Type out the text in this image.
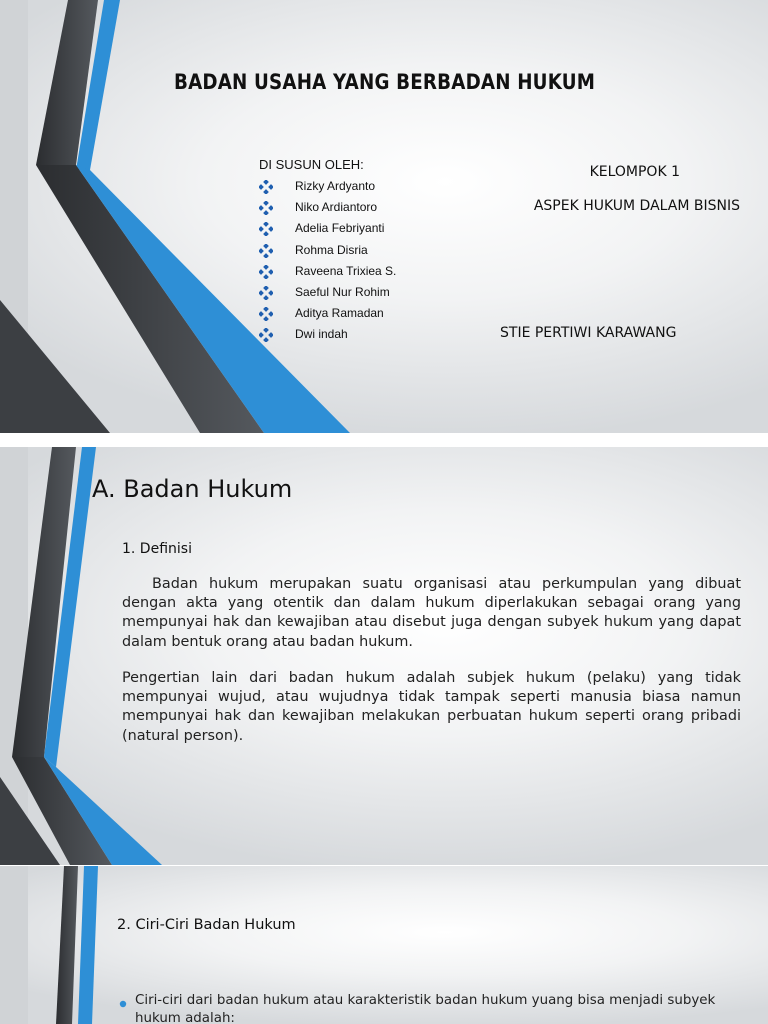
BADAN USAHA YANG BERBADAN HUKUM
DI SUSUN OLEH:
Rizky Ardyanto
Niko Ardiantoro
Adelia Febriyanti
Rohma Disria
Raveena Trixiea S.
Saeful Nur Rohim
Aditya Ramadan
Dwi indah
KELOMPOK 1
ASPEK HUKUM DALAM BISNIS
STIE PERTIWI KARAWANG
A. Badan Hukum
1. Definisi

Badan hukum merupakan suatu organisasi atau perkumpulan yang dibuat dengan akta yang otentik dan dalam hukum diperlakukan sebagai orang yang mempunyai hak dan kewajiban atau disebut juga dengan subyek hukum yang dapat dalam bentuk orang atau badan hukum.

Pengertian lain dari badan hukum adalah subjek hukum (pelaku) yang tidak mempunyai wujud, atau wujudnya tidak tampak seperti manusia biasa namun mempunyai hak dan kewajiban melakukan perbuatan hukum seperti orang pribadi (natural person).

2. Ciri-Ciri Badan Hukum

Ciri-ciri dari badan hukum atau karakteristik badan hukum yuang bisa menjadi subyek hukum adalah:
